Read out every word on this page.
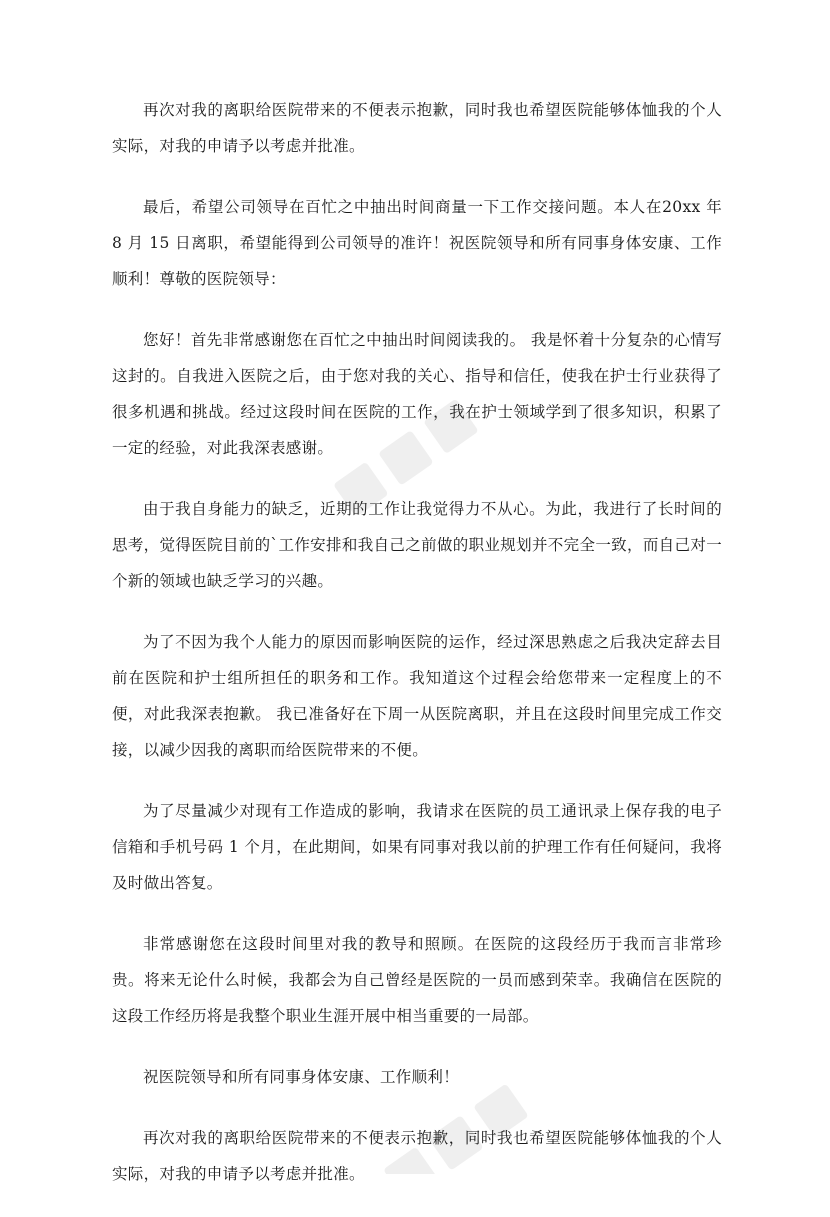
再次对我的离职给医院带来的不便表示抱歉，同时我也希望医院能够体恤我的个人实际，对我的申请予以考虑并批准。

最后，希望公司领导在百忙之中抽出时间商量一下工作交接问题。本人在20xx 年 8 月 15 日离职，希望能得到公司领导的准许！祝医院领导和所有同事身体安康、工作顺利！尊敬的医院领导：

您好！首先非常感谢您在百忙之中抽出时间阅读我的。 我是怀着十分复杂的心情写这封的。自我进入医院之后，由于您对我的关心、指导和信任，使我在护士行业获得了很多机遇和挑战。经过这段时间在医院的工作，我在护士领域学到了很多知识，积累了一定的经验，对此我深表感谢。

由于我自身能力的缺乏，近期的工作让我觉得力不从心。为此，我进行了长时间的思考，觉得医院目前的`工作安排和我自己之前做的职业规划并不完全一致，而自己对一个新的领域也缺乏学习的兴趣。

为了不因为我个人能力的原因而影响医院的运作，经过深思熟虑之后我决定辞去目前在医院和护士组所担任的职务和工作。我知道这个过程会给您带来一定程度上的不便，对此我深表抱歉。 我已准备好在下周一从医院离职，并且在这段时间里完成工作交接，以减少因我的离职而给医院带来的不便。

为了尽量减少对现有工作造成的影响，我请求在医院的员工通讯录上保存我的电子信箱和手机号码 1 个月，在此期间，如果有同事对我以前的护理工作有任何疑问，我将及时做出答复。

非常感谢您在这段时间里对我的教导和照顾。在医院的这段经历于我而言非常珍贵。将来无论什么时候，我都会为自己曾经是医院的一员而感到荣幸。我确信在医院的这段工作经历将是我整个职业生涯开展中相当重要的一局部。

祝医院领导和所有同事身体安康、工作顺利！

再次对我的离职给医院带来的不便表示抱歉，同时我也希望医院能够体恤我的个人实际，对我的申请予以考虑并批准。
